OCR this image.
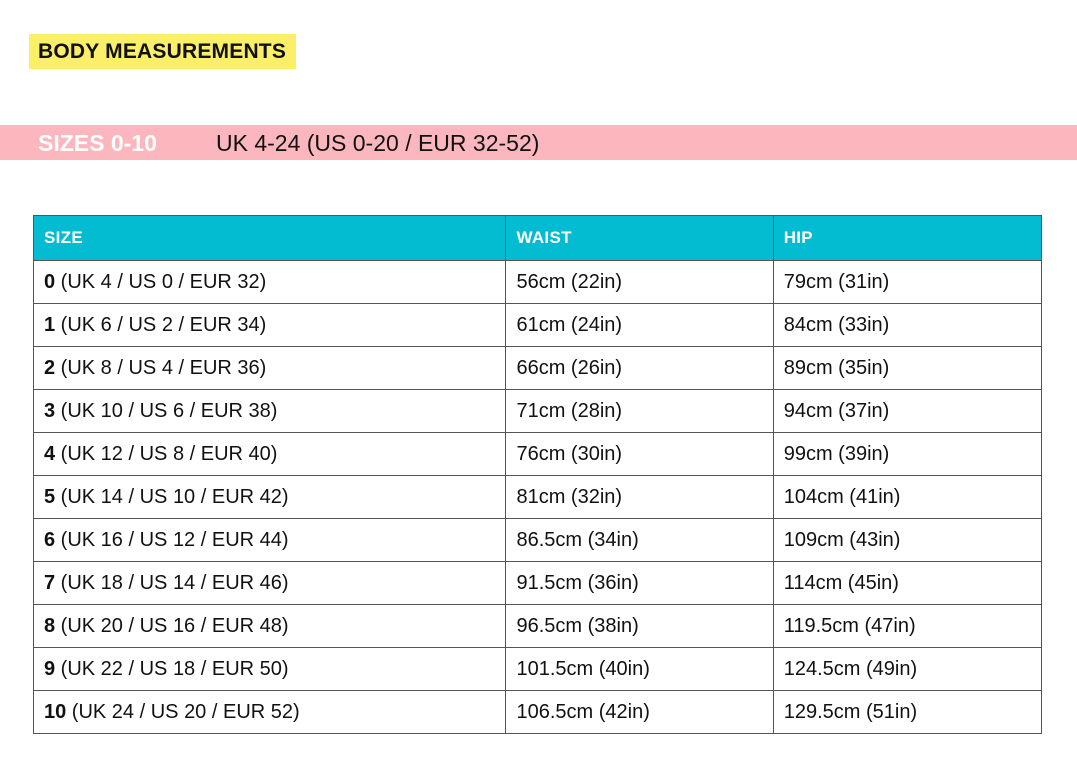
BODY MEASUREMENTS
SIZES 0-10	UK 4-24 (US 0-20 / EUR 32-52)
SIZE	WAIST	HIP
0 (UK 4 / US 0 / EUR 32)	56cm (22in)	79cm (31in)
1 (UK 6 / US 2 / EUR 34)	61cm (24in)	84cm (33in)
2 (UK 8 / US 4 / EUR 36)	66cm (26in)	89cm (35in)
3 (UK 10 / US 6 / EUR 38)	71cm (28in)	94cm (37in)
4 (UK 12 / US 8 / EUR 40)	76cm (30in)	99cm (39in)
5 (UK 14 / US 10 / EUR 42)	81cm (32in)	104cm (41in)
6 (UK 16 / US 12 / EUR 44)	86.5cm (34in)	109cm (43in)
7 (UK 18 / US 14 / EUR 46)	91.5cm (36in)	114cm (45in)
8 (UK 20 / US 16 / EUR 48)	96.5cm (38in)	119.5cm (47in)
9 (UK 22 / US 18 / EUR 50)	101.5cm (40in)	124.5cm (49in)
10 (UK 24 / US 20 / EUR 52)	106.5cm (42in)	129.5cm (51in)
